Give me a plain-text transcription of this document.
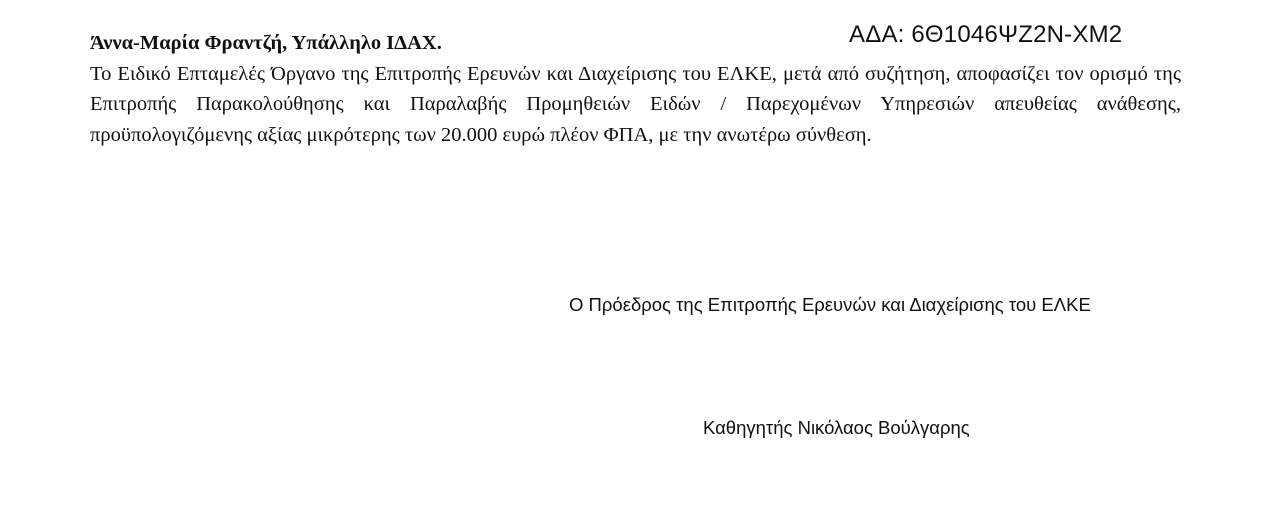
ΑΔΑ: 6Θ1046ΨΖ2Ν-ΧΜ2

Άννα-Μαρία Φραντζή, Υπάλληλο ΙΔΑΧ.

Το Ειδικό Επταμελές Όργανο της Επιτροπής Ερευνών και Διαχείρισης του ΕΛΚΕ, μετά από συζήτηση, αποφασίζει τον ορισμό της Επιτροπής Παρακολούθησης και Παραλαβής Προμηθειών Ειδών / Παρεχομένων Υπηρεσιών απευθείας ανάθεσης, προϋπολογιζόμενης αξίας μικρότερης των 20.000 ευρώ πλέον ΦΠΑ, με την ανωτέρω σύνθεση.

Ο Πρόεδρος της Επιτροπής Ερευνών και Διαχείρισης του ΕΛΚΕ
Καθηγητής Νικόλαος Βούλγαρης
